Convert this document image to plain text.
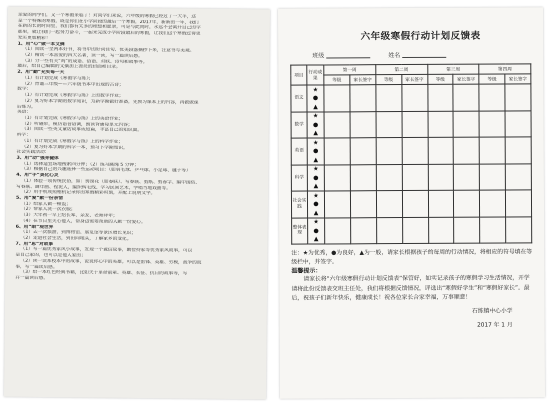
亲爱的同学们，又一个寒假来临了！对同学们来说，六年级的寒假已经过了一大半，这
是一个特殊的寒假，既是你们在小学阶段的最后一个寒假，2017年，新新的一年，我们
在新的长的时间里，我们都有太多的理想和愿景，可是与此同时，永远不会离开自己的学
那里，就让我们一起努力奋斗，一起来完成小学阶段最后的寒假，让我们这个寒假过得更
充实更加精彩！
1、用“心”做一本文摘
（1）阅读一至两本好书，将书中的好词佳句、优美段落摘抄下来，注意书写美观。
（2）精读一本喜爱的四大名著，读一读，写一篇读后感。
（3）分一些有关“鸡”的成语、俗语、对联、诗句和故事等。
最后，给自己编辑的文摘加上漂亮的封面和目录。
2、用“勤”充实每一天
（1）有计划完成《寒假学与练》；
（2）背诵三年级——六年级书本中出现的古诗；
数学：
（1）有计划完成《寒假学与练》上的数学作业；
（2）复习好本学期的数学知识，为新学期做好准备，先预习课本上的内容，再做做课
后练习。
英语：
（1）有计划完成《寒假学与练》上的英语作业；
（2）听磁带，模仿语音语调，朗读背诵每单元内容；
（3）阅读一些英文童话故事或短篇，丰富自己的知识面。
科学：
（1）有计划完成《寒假学与练》上的科学作业；
（2）复习好本学期的科学一本，预习下学期知识。
社会实践活动：
3、用“动”强身健体
（1）选择适宜场地搜索四分钟；（2）练习跳绳 5 分钟；
（3）根据自己的兴趣选择一些运动项目：（如羽毛球、乒乓球、小足球、毽子等）
4、用“手”美化心灵
（1）体验一项传统民俗，如：剪窗花（如春联）、写春联、剪纸、剪春字、编中国结、
写春联、画年画、捏泥人，编织钩毛线、学习民间艺术，学唱当地戏曲等。
（2）用手机或照相机记录你的寒假精彩时刻，并配上说明文字。
5、用“爱”献一份亲情
（1）给家人做一顿饭；
（2）帮家人洗一次衣服；
（3）大年初一早上给长辈、亲友、老师拜年；
（4）在节日里关心他人，帮身边需要帮助的人献一份爱心。
6、用“眼”观世界
（1）去一次旅游，到博物馆、展览馆等景区增长见识；
（2）走进社会生活，到田间地头，了解家乡的变化。
7、用“思”对故事
（1）写一篇优秀家风小故事，发现一个诚信故事，勤俭持家等优秀家风故事，可以
是自己家的，也可以是他人家的；
（2）读一读本校本中的故事，说说你心中的英雄。可以是雷锋、英雄、劳模，战争的故
事，写一篇读后感。
（3）给一本红色经典书籍，比如关于革命前辈、英雄、长征、抗日的故事等，写
并一篇读后感。
六年级寒假行动计划反馈表
班级	姓名
项目	行动成果	第一周		第二周		第三周		第四周	
		等级	家长签字	等级	家长签字	等级	家长签字	等级	家长签字
语文	★
●
▲								

数学	★
●
▲								

英语	★
●
▲								

科学	★
●
▲								

社会实践	★
●
▲								

整体表现	★
●
▲								

注：★为优秀，●为良好，▲为一般，请家长根据孩子的每周的行动情况，将相应的符号填在等级栏中，并签字。
温馨提示：
请家长将“六年级寒假行动计划反馈表”保管好，如实记录孩子的寒假学习生活情况，开学请将此份反馈表交班主任处，我们将根据反馈情况，评选出“寒假好学生”和“寒假好家长”。最后，祝孩子们新年快乐，健康成长！祝各位家长合家幸福，万事顺意！
石练镇中心小学
2017 年 1 月
